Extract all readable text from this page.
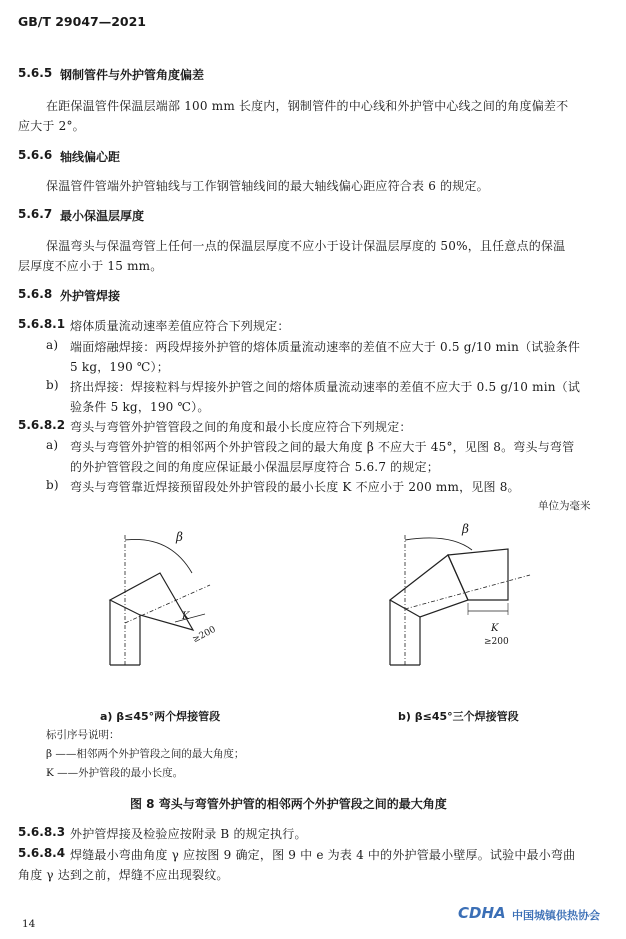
GB/T 29047—2021
5.6.5 钢制管件与外护管角度偏差
在距保温管件保温层端部 100 mm 长度内，钢制管件的中心线和外护管中心线之间的角度偏差不
应大于 2°。
5.6.6 轴线偏心距
保温管件管端外护管轴线与工作钢管轴线间的最大轴线偏心距应符合表 6 的规定。
5.6.7 最小保温层厚度
保温弯头与保温弯管上任何一点的保温层厚度不应小于设计保温层厚度的 50%，且任意点的保温
层厚度不应小于 15 mm。
5.6.8 外护管焊接
5.6.8.1 熔体质量流动速率差值应符合下列规定：
a) 端面熔融焊接：两段焊接外护管的熔体质量流动速率的差值不应大于 0.5 g/10 min（试验条件
5 kg，190 ℃）；
b) 挤出焊接：焊接粒料与焊接外护管之间的熔体质量流动速率的差值不应大于 0.5 g/10 min（试
验条件 5 kg，190 ℃）。
5.6.8.2 弯头与弯管外护管管段之间的角度和最小长度应符合下列规定：
a) 弯头与弯管外护管的相邻两个外护管段之间的最大角度 β 不应大于 45°，见图 8。弯头与弯管
的外护管管段之间的角度应保证最小保温层厚度符合 5.6.7 的规定；
b) 弯头与弯管靠近焊接预留段处外护管段的最小长度 K 不应小于 200 mm，见图 8。
单位为毫米
β
K
≥200
β
K
≥200
a) β≤45°两个焊接管段	b) β≤45°三个焊接管段
标引序号说明：
β ——相邻两个外护管段之间的最大角度；
K ——外护管段的最小长度。
图 8 弯头与弯管外护管的相邻两个外护管段之间的最大角度
5.6.8.3 外护管焊接及检验应按附录 B 的规定执行。
5.6.8.4 焊缝最小弯曲角度 γ 应按图 9 确定，图 9 中 e 为表 4 中的外护管最小壁厚。试验中最小弯曲
角度 γ 达到之前，焊缝不应出现裂纹。
14
CDHA 中国城镇供热协会
